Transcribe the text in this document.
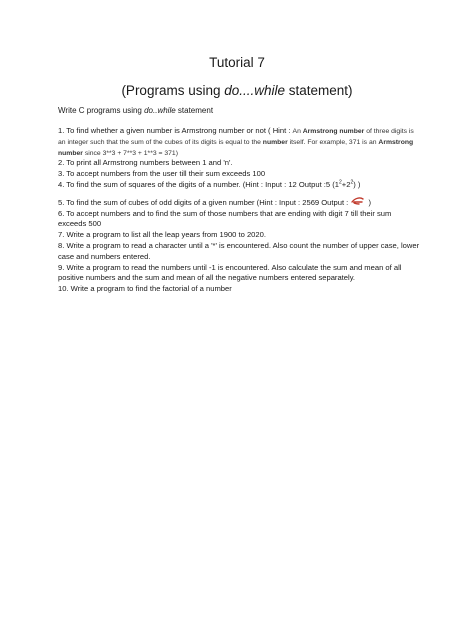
Tutorial 7
(Programs using do....while statement)
Write C programs using do..while statement

1. To find whether a given number is Armstrong number or not ( Hint : An Armstrong number of three digits is an integer such that the sum of the cubes of its digits is equal to the number itself. For example, 371 is an Armstrong number since 3**3 + 7**3 + 1**3 = 371)

2. To print all Armstrong numbers between 1 and 'n'.

3. To accept numbers from the user till their sum exceeds 100

4. To find the sum of squares of the digits of a number. (Hint : Input : 12 Output :5 $(1^2+2^2)$ )

5. To find the sum of cubes of odd digits of a given number (Hint : Input : 2569 Output :  )

6. To accept numbers and to find the sum of those numbers that are ending with digit 7 till their sum exceeds 500

7. Write a program to list all the leap years from 1900 to 2020.

8. Write a program to read a character until a '*' is encountered. Also count the number of upper case, lower case and numbers entered.

9. Write a program to read the numbers until -1 is encountered. Also calculate the sum and mean of all positive numbers and the sum and mean of all the negative numbers entered separately.

10. Write a program to find the factorial of a number
